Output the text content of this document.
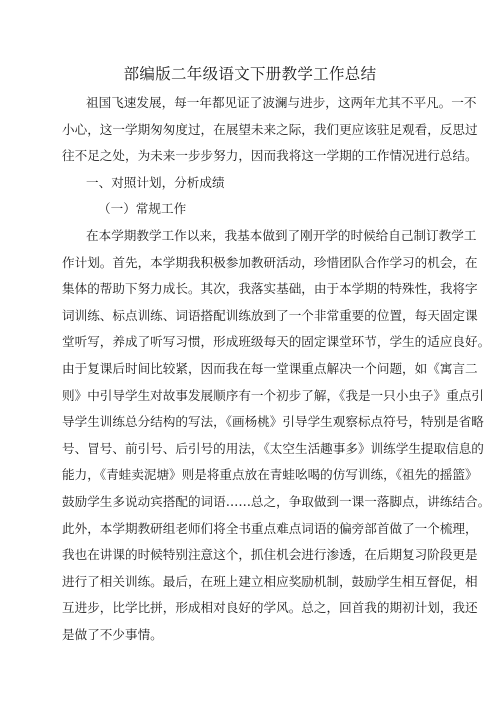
部编版二年级语文下册教学工作总结
祖国飞速发展，每一年都见证了波澜与进步，这两年尤其不平凡。一不
小心，这一学期匆匆度过，在展望未来之际，我们更应该驻足观看，反思过
往不足之处，为未来一步步努力，因而我将这一学期的工作情况进行总结。
一、对照计划，分析成绩
（一）常规工作
在本学期教学工作以来，我基本做到了刚开学的时候给自己制订教学工
作计划。首先，本学期我积极参加教研活动，珍惜团队合作学习的机会，在
集体的帮助下努力成长。其次，我落实基础，由于本学期的特殊性，我将字
词训练、标点训练、词语搭配训练放到了一个非常重要的位置，每天固定课
堂听写，养成了听写习惯，形成班级每天的固定课堂环节，学生的适应良好。
由于复课后时间比较紧，因而我在每一堂课重点解决一个问题，如《寓言二
则》中引导学生对故事发展顺序有一个初步了解，《我是一只小虫子》重点引
导学生训练总分结构的写法，《画杨桃》引导学生观察标点符号，特别是省略
号、冒号、前引号、后引号的用法，《太空生活趣事多》训练学生提取信息的
能力，《青蛙卖泥塘》则是将重点放在青蛙吆喝的仿写训练，《祖先的摇篮》
鼓励学生多说动宾搭配的词语……总之，争取做到一课一落脚点，讲练结合。
此外，本学期教研组老师们将全书重点难点词语的偏旁部首做了一个梳理，
我也在讲课的时候特别注意这个，抓住机会进行渗透，在后期复习阶段更是
进行了相关训练。最后，在班上建立相应奖励机制，鼓励学生相互督促，相
互进步，比学比拼，形成相对良好的学风。总之，回首我的期初计划，我还
是做了不少事情。
